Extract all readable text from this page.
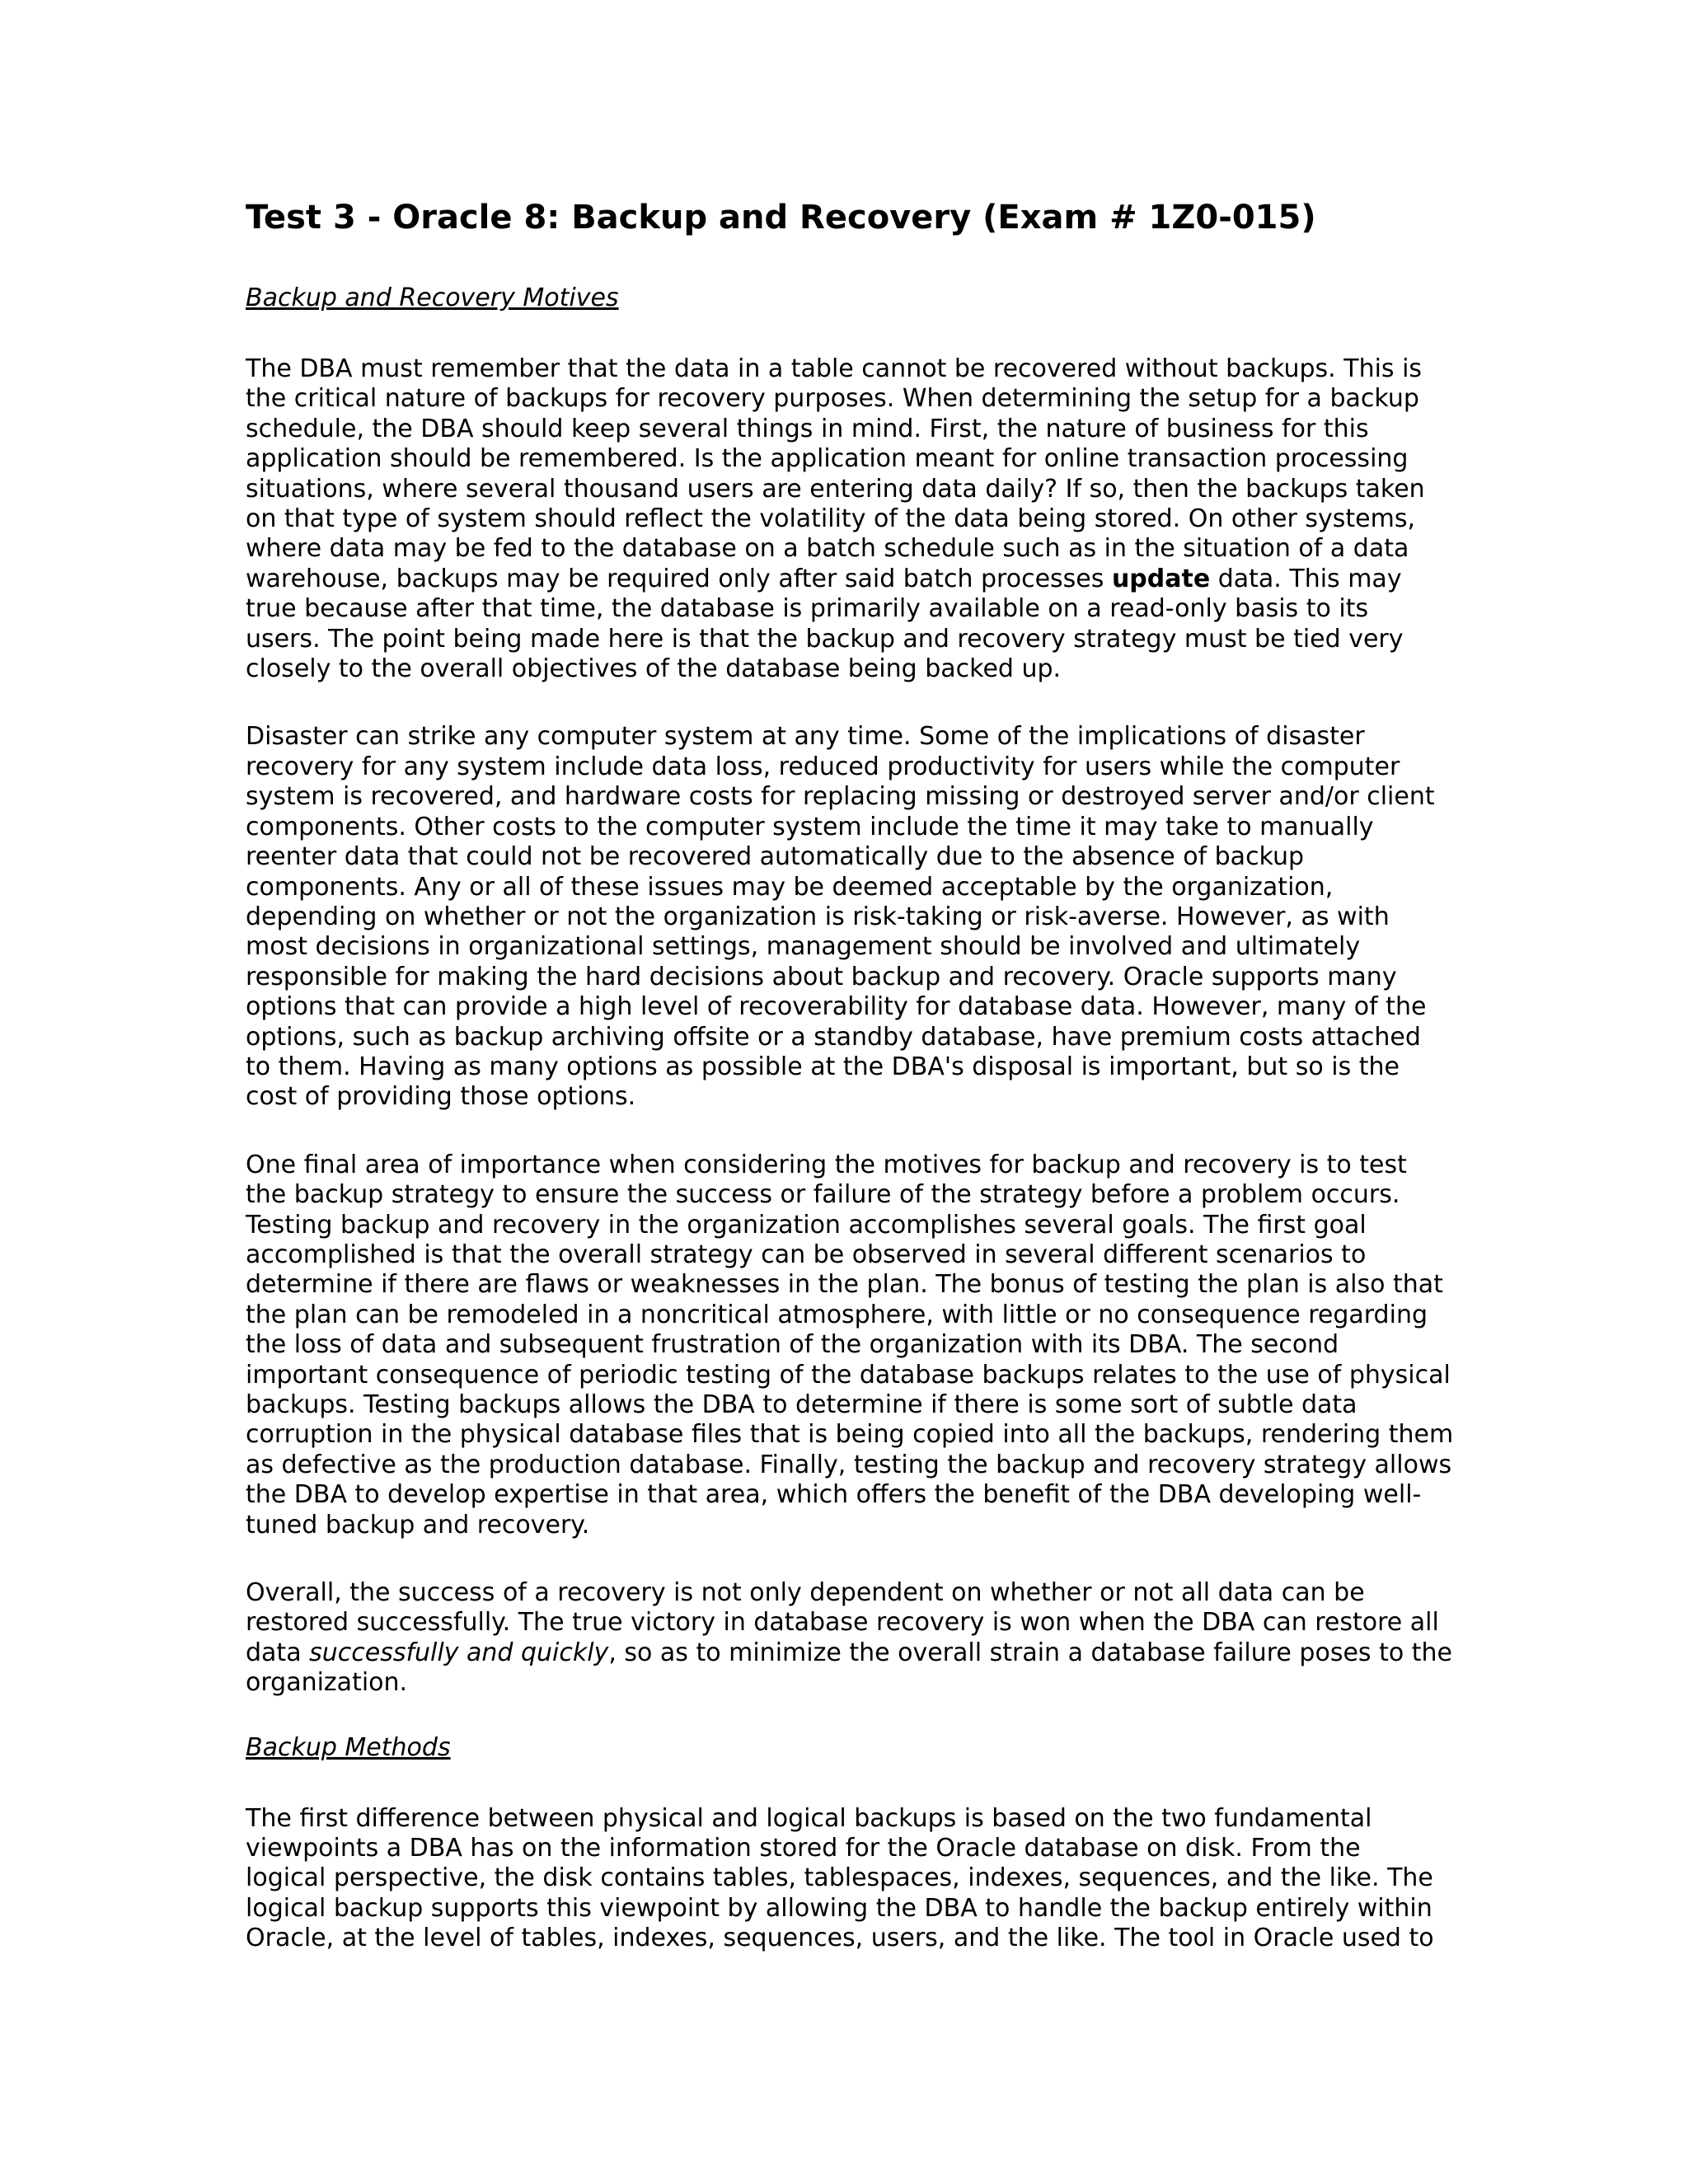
Test 3 - Oracle 8: Backup and Recovery (Exam # 1Z0-015)
Backup and Recovery Motives

The DBA must remember that the data in a table cannot be recovered without backups. This is
the critical nature of backups for recovery purposes. When determining the setup for a backup
schedule, the DBA should keep several things in mind. First, the nature of business for this
application should be remembered. Is the application meant for online transaction processing
situations, where several thousand users are entering data daily? If so, then the backups taken
on that type of system should reflect the volatility of the data being stored. On other systems,
where data may be fed to the database on a batch schedule such as in the situation of a data
warehouse, backups may be required only after said batch processes update data. This may
true because after that time, the database is primarily available on a read-only basis to its
users. The point being made here is that the backup and recovery strategy must be tied very
closely to the overall objectives of the database being backed up.

Disaster can strike any computer system at any time. Some of the implications of disaster
recovery for any system include data loss, reduced productivity for users while the computer
system is recovered, and hardware costs for replacing missing or destroyed server and/or client
components. Other costs to the computer system include the time it may take to manually
reenter data that could not be recovered automatically due to the absence of backup
components. Any or all of these issues may be deemed acceptable by the organization,
depending on whether or not the organization is risk-taking or risk-averse. However, as with
most decisions in organizational settings, management should be involved and ultimately
responsible for making the hard decisions about backup and recovery. Oracle supports many
options that can provide a high level of recoverability for database data. However, many of the
options, such as backup archiving offsite or a standby database, have premium costs attached
to them. Having as many options as possible at the DBA's disposal is important, but so is the
cost of providing those options.

One final area of importance when considering the motives for backup and recovery is to test
the backup strategy to ensure the success or failure of the strategy before a problem occurs.
Testing backup and recovery in the organization accomplishes several goals. The first goal
accomplished is that the overall strategy can be observed in several different scenarios to
determine if there are flaws or weaknesses in the plan. The bonus of testing the plan is also that
the plan can be remodeled in a noncritical atmosphere, with little or no consequence regarding
the loss of data and subsequent frustration of the organization with its DBA. The second
important consequence of periodic testing of the database backups relates to the use of physical
backups. Testing backups allows the DBA to determine if there is some sort of subtle data
corruption in the physical database files that is being copied into all the backups, rendering them
as defective as the production database. Finally, testing the backup and recovery strategy allows
the DBA to develop expertise in that area, which offers the benefit of the DBA developing well-
tuned backup and recovery.

Overall, the success of a recovery is not only dependent on whether or not all data can be
restored successfully. The true victory in database recovery is won when the DBA can restore all
data successfully and quickly, so as to minimize the overall strain a database failure poses to the
organization.

Backup Methods

The first difference between physical and logical backups is based on the two fundamental
viewpoints a DBA has on the information stored for the Oracle database on disk. From the
logical perspective, the disk contains tables, tablespaces, indexes, sequences, and the like. The
logical backup supports this viewpoint by allowing the DBA to handle the backup entirely within
Oracle, at the level of tables, indexes, sequences, users, and the like. The tool in Oracle used to
